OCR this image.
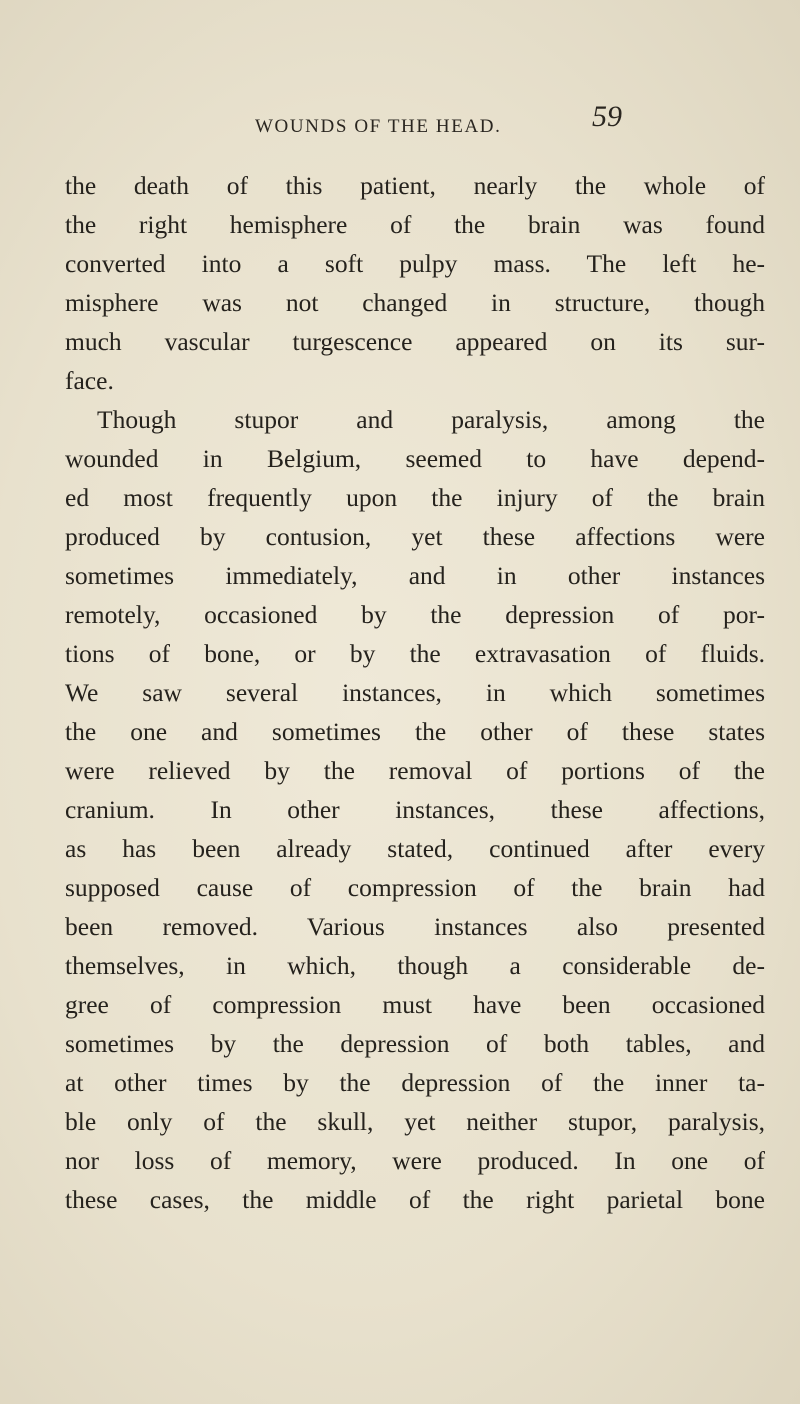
WOUNDS OF THE HEAD.	59
the death of this patient, nearly the whole of
the right hemisphere of the brain was found
converted into a soft pulpy mass. The left he-
misphere was not changed in structure, though
much vascular turgescence appeared on its sur-
face.
Though stupor and paralysis, among the
wounded in Belgium, seemed to have depend-
ed most frequently upon the injury of the brain
produced by contusion, yet these affections were
sometimes immediately, and in other instances
remotely, occasioned by the depression of por-
tions of bone, or by the extravasation of fluids.
We saw several instances, in which sometimes
the one and sometimes the other of these states
were relieved by the removal of portions of the
cranium. In other instances, these affections,
as has been already stated, continued after every
supposed cause of compression of the brain had
been removed. Various instances also presented
themselves, in which, though a considerable de-
gree of compression must have been occasioned
sometimes by the depression of both tables, and
at other times by the depression of the inner ta-
ble only of the skull, yet neither stupor, paralysis,
nor loss of memory, were produced. In one of
these cases, the middle of the right parietal bone
